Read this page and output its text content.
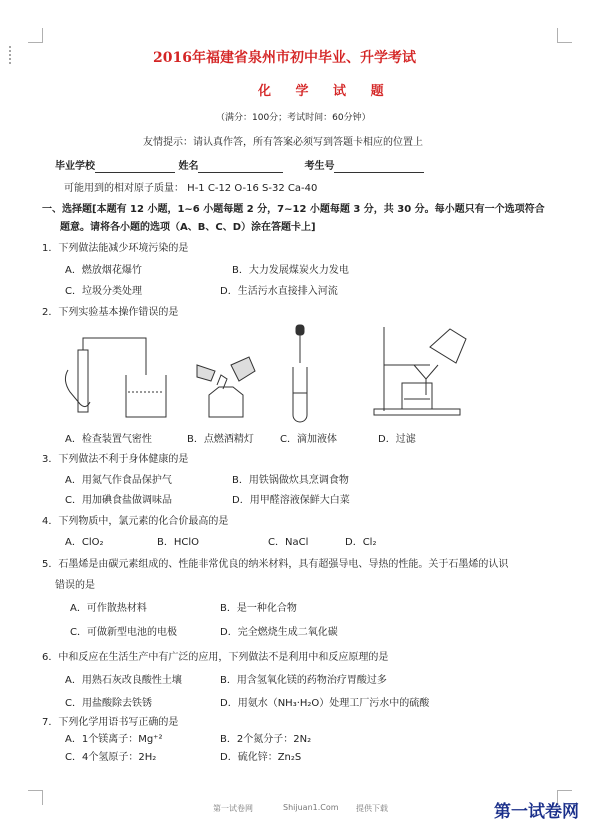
2016年福建省泉州市初中毕业、升学考试
化 学 试 题
（满分：100分；考试时间：60分钟）
友情提示：请认真作答，所有答案必须写到答题卡相应的位置上
毕业学校	姓名	考生号
可能用到的相对原子质量： H-1 C-12 O-16 S-32 Ca-40
一、选择题[本题有 12 小题，1~6 小题每题 2 分，7~12 小题每题 3 分，共 30 分。每小题只有一个选项符合
题意。请将各小题的选项（A、B、C、D）涂在答题卡上]
1．下列做法能减少环境污染的是
A．燃放烟花爆竹	B．大力发展煤炭火力发电
C．垃圾分类处理	D．生活污水直接排入河流
2．下列实验基本操作错误的是
A．检查装置气密性	B．点燃酒精灯	C．滴加液体	D．过滤
3．下列做法不利于身体健康的是
A．用氮气作食品保护气	B．用铁锅做炊具烹调食物
C．用加碘食盐做调味品	D．用甲醛溶液保鲜大白菜
4．下列物质中，氯元素的化合价最高的是
A．ClO₂	B．HClO	C．NaCl	D．Cl₂
5．石墨烯是由碳元素组成的、性能非常优良的纳米材料，具有超强导电、导热的性能。关于石墨烯的认识
错误的是
A．可作散热材料	B．是一种化合物
C．可做新型电池的电极	D．完全燃烧生成二氧化碳
6．中和反应在生活生产中有广泛的应用，下列做法不是利用中和反应原理的是
A．用熟石灰改良酸性土壤	B．用含氢氧化镁的药物治疗胃酸过多
C．用盐酸除去铁锈	D．用氨水（NH₃·H₂O）处理工厂污水中的硫酸
7．下列化学用语书写正确的是
A．1个镁离子：Mg⁺²	B．2个氮分子：2N₂
C．4个氢原子：2H₂	D．硫化锌：Zn₂S
第一试卷网	Shijuan1.Com 提供下载	第一试卷网
